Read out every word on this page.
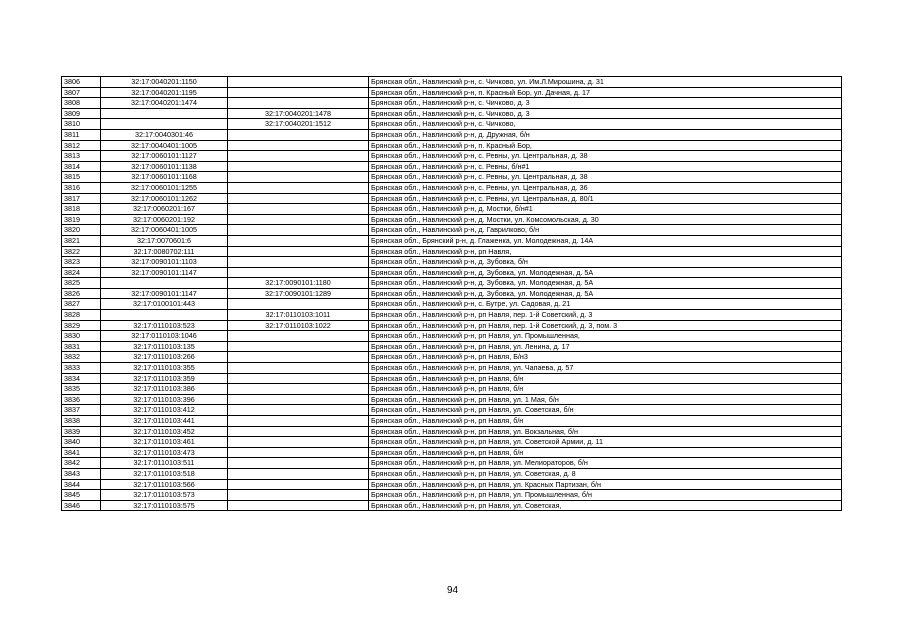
3806	32:17:0040201:1150		Брянская обл., Навлинский р-н, с. Чичково, ул. Им.Л.Мирошина, д. 31
3807	32:17:0040201:1195		Брянская обл., Навлинский р-н, п. Красный Бор, ул. Дачная, д. 17
3808	32:17:0040201:1474		Брянская обл., Навлинский р-н, с. Чичково, д. 3
3809		32:17:0040201:1478	Брянская обл., Навлинский р-н, с. Чичково, д. 3
3810		32:17:0040201:1512	Брянская обл., Навлинский р-н, с. Чичково,
3811	32:17:0040301:46		Брянская обл., Навлинский р-н, д. Дружная, б/н
3812	32:17:0040401:1005		Брянская обл., Навлинский р-н, п. Красный Бор,
3813	32:17:0060101:1127		Брянская обл., Навлинский р-н, с. Ревны, ул. Центральная, д. 38
3814	32:17:0060101:1138		Брянская обл., Навлинский р-н, с. Ревны, б/н#1
3815	32:17:0060101:1168		Брянская обл., Навлинский р-н, с. Ревны, ул. Центральная, д. 38
3816	32:17:0060101:1255		Брянская обл., Навлинский р-н, с. Ревны, ул. Центральная, д. 36
3817	32:17:0060101:1262		Брянская обл., Навлинский р-н, с. Ревны, ул. Центральная, д. 80/1
3818	32:17:0060201:167		Брянская обл., Навлинский р-н, д. Мостки, б/н#1
3819	32:17:0060201:192		Брянская обл., Навлинский р-н, д. Мостки, ул. Комсомольская, д. 30
3820	32:17:0060401:1005		Брянская обл., Навлинский р-н, д. Гаврилково, б/н
3821	32:17:0070601:6		Брянская обл., Брянский р-н, д. Глаженка, ул. Молодежная, д. 14А
3822	32:17:0080702:111		Брянская обл., Навлинский р-н, рп Навля,
3823	32:17:0090101:1103		Брянская обл., Навлинский р-н, д. Зубовка, б/н
3824	32:17:0090101:1147		Брянская обл., Навлинский р-н, д. Зубовка, ул. Молодежная, д. 5А
3825		32:17:0090101:1180	Брянская обл., Навлинский р-н, д. Зубовка, ул. Молодежная, д. 5А
3826	32:17:0090101:1147	32:17:0090101:1289	Брянская обл., Навлинский р-н, д. Зубовка, ул. Молодежная, д. 5А
3827	32:17:0100101:443		Брянская обл., Навлинский р-н, с. Бутре, ул. Садовая, д. 21
3828		32:17:0110103:1011	Брянская обл., Навлинский р-н, рп Навля, пер. 1-й Советский, д. 3
3829	32:17:0110103:523	32:17:0110103:1022	Брянская обл., Навлинский р-н, рп Навля, пер. 1-й Советский, д. 3, пом. 3
3830	32:17:0110103:1046		Брянская обл., Навлинский р-н, рп Навля, ул. Промышленная,
3831	32:17:0110103:135		Брянская обл., Навлинский р-н, рп Навля, ул. Ленина, д. 17
3832	32:17:0110103:266		Брянская обл., Навлинский р-н, рп Навля, Б/н3
3833	32:17:0110103:355		Брянская обл., Навлинский р-н, рп Навля, ул. Чапаева, д. 57
3834	32:17:0110103:359		Брянская обл., Навлинский р-н, рп Навля, б/н
3835	32:17:0110103:386		Брянская обл., Навлинский р-н, рп Навля, б/н
3836	32:17:0110103:396		Брянская обл., Навлинский р-н, рп Навля, ул. 1 Мая, б/н
3837	32:17:0110103:412		Брянская обл., Навлинский р-н, рп Навля, ул. Советская, б/н
3838	32:17:0110103:441		Брянская обл., Навлинский р-н, рп Навля, б/н
3839	32:17:0110103:452		Брянская обл., Навлинский р-н, рп Навля, ул. Вокзальная, б/н
3840	32:17:0110103:461		Брянская обл., Навлинский р-н, рп Навля, ул. Советской Армии, д. 11
3841	32:17:0110103:473		Брянская обл., Навлинский р-н, рп Навля, б/н
3842	32:17:0110103:511		Брянская обл., Навлинский р-н, рп Навля, ул. Мелиораторов, б/н
3843	32:17:0110103:518		Брянская обл., Навлинский р-н, рп Навля, ул. Советская, д. 8
3844	32:17:0110103:566		Брянская обл., Навлинский р-н, рп Навля, ул. Красных Партизан, б/н
3845	32:17:0110103:573		Брянская обл., Навлинский р-н, рп Навля, ул. Промышленная, б/н
3846	32:17:0110103:575		Брянская обл., Навлинский р-н, рп Навля, ул. Советская,
94
